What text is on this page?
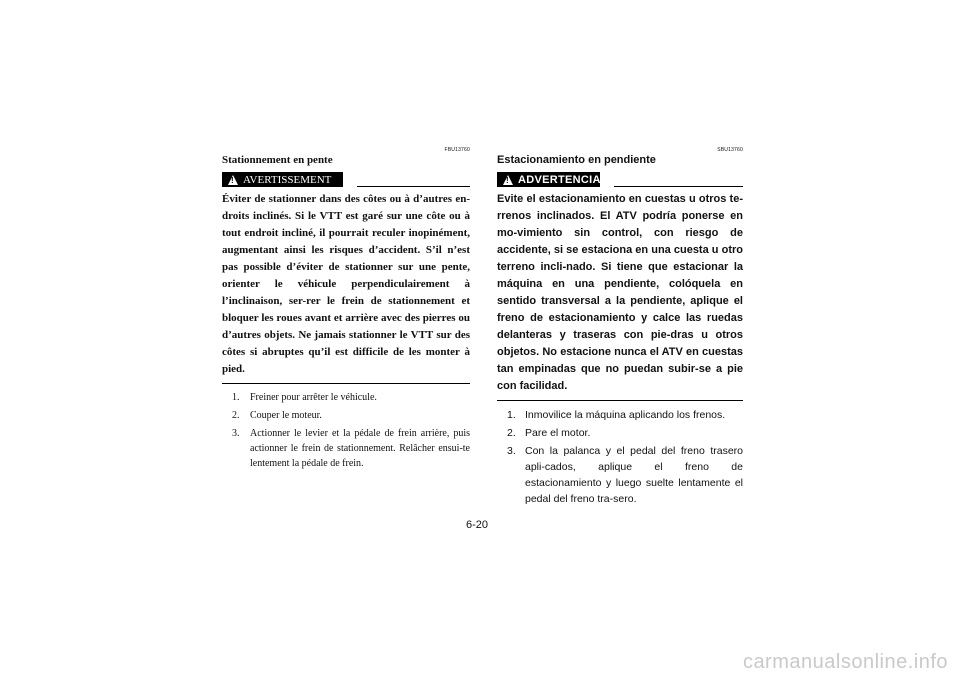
FBU13760
Stationnement en pente
!
AVERTISSEMENT
Éviter de stationner dans des côtes ou à d’autres en-droits inclinés. Si le VTT est garé sur une côte ou à tout endroit incliné, il pourrait reculer inopinément, augmentant ainsi les risques d’accident. S’il n’est pas possible d’éviter de stationner sur une pente, orienter le véhicule perpendiculairement à l’inclinaison, ser-rer le frein de stationnement et bloquer les roues avant et arrière avec des pierres ou d’autres objets. Ne jamais stationner le VTT sur des côtes si abruptes qu’il est difficile de les monter à pied.
1.	Freiner pour arrêter le véhicule.
2.	Couper le moteur.
3.	Actionner le levier et la pédale de frein arrière, puis actionner le frein de stationnement. Relâcher ensui-te lentement la pédale de frein.
SBU13760
Estacionamiento en pendiente
!
ADVERTENCIA
Evite el estacionamiento en cuestas u otros te-rrenos inclinados. El ATV podría ponerse en mo-vimiento sin control, con riesgo de accidente, si se estaciona en una cuesta u otro terreno incli-nado. Si tiene que estacionar la máquina en una pendiente, colóquela en sentido transversal a la pendiente, aplique el freno de estacionamiento y calce las ruedas delanteras y traseras con pie-dras u otros objetos. No estacione nunca el ATV en cuestas tan empinadas que no puedan subir-se a pie con facilidad.
1. Inmovilice la máquina aplicando los frenos.
2. Pare el motor.
3. Con la palanca y el pedal del freno trasero apli-cados, aplique el freno de estacionamiento y luego suelte lentamente el pedal del freno tra-sero.
6-20
carmanualsonline.info
